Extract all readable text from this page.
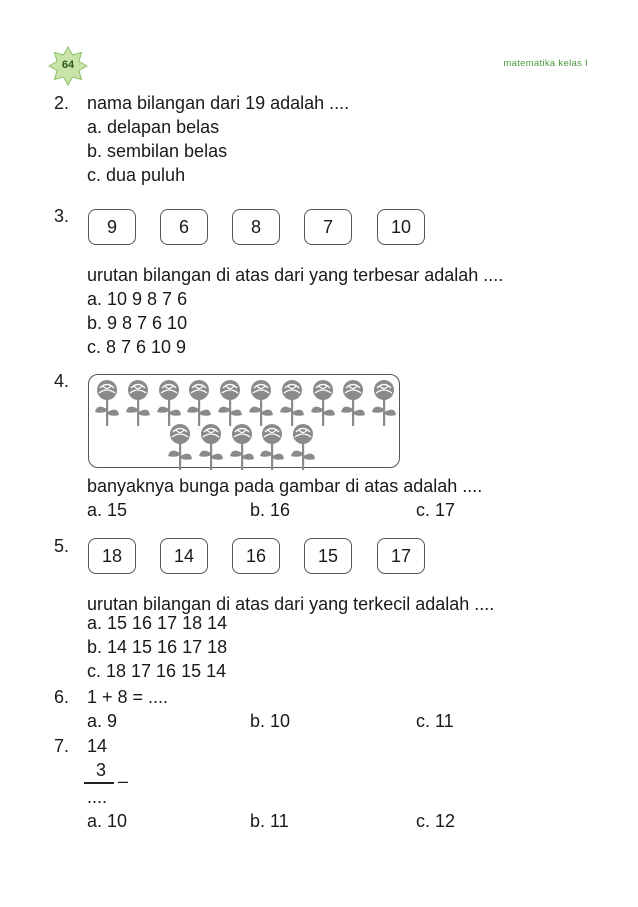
64	matematika kelas I
2. nama bilangan dari 19 adalah ....
a. delapan belas
b. sembilan belas
c. dua puluh
3.
9	6	8	7	10
urutan bilangan di atas dari yang terbesar adalah ....
a. 10 9 8 7 6
b. 9 8 7 6 10
c. 8 7 6 10 9
4.
banyaknya bunga pada gambar di atas adalah ....
a. 15	b. 16	c. 17
5.	18	14	16	15	17
urutan bilangan di atas dari yang terkecil adalah ....
a. 15 16 17 18 14
b. 14 15 16 17 18
c. 18 17 16 15 14
6. 1 + 8 = ....
a. 9	b. 10	c. 11
7. 14
3
–
....
a. 10	b. 11	c. 12
